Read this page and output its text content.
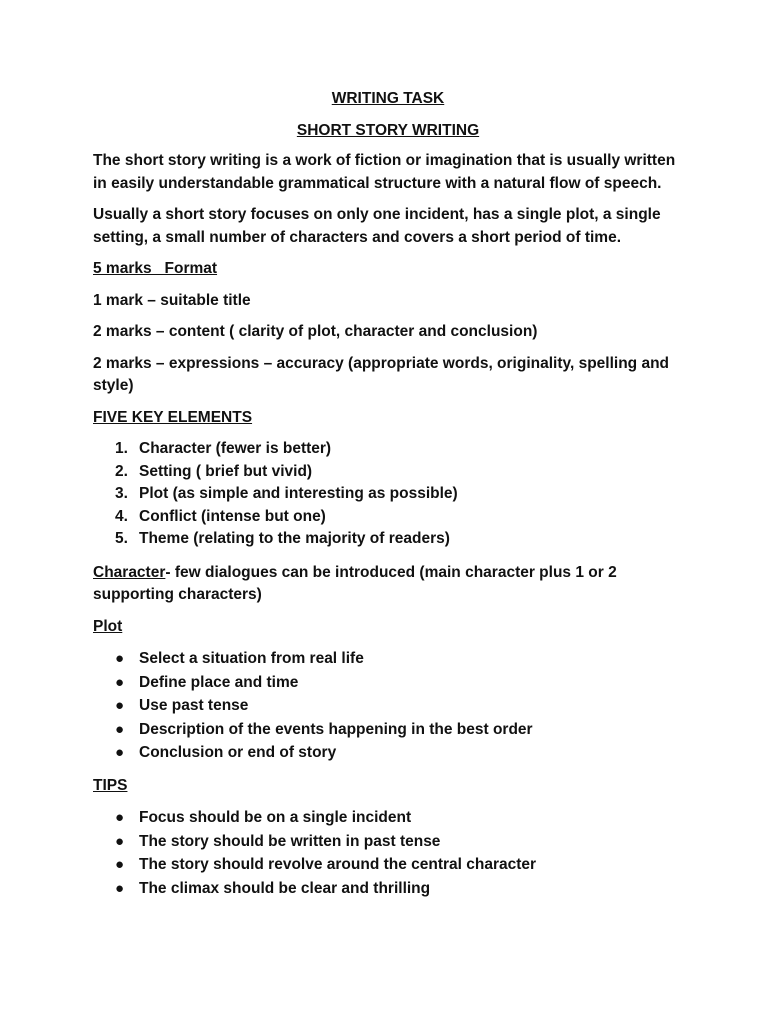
WRITING TASK

SHORT STORY WRITING

The short story writing is a work of fiction or imagination that is usually written in easily understandable grammatical structure with a natural flow of speech.

Usually a short story focuses on only one incident, has a single plot, a single setting, a small number of characters and covers a short period of time.

5 marks   Format

1 mark – suitable title

2 marks – content ( clarity of plot, character and conclusion)

2 marks – expressions – accuracy (appropriate words, originality, spelling and style)

FIVE KEY ELEMENTS

1. Character (fewer is better)
2. Setting ( brief but vivid)
3. Plot (as simple and interesting as possible)
4. Conflict (intense but one)
5. Theme (relating to the majority of readers)

Character- few dialogues can be introduced (main character plus 1 or 2 supporting characters)

Plot

● Select a situation from real life
● Define place and time
● Use past tense
● Description of the events happening in the best order
● Conclusion or end of story

TIPS

● Focus should be on a single incident
● The story should be written in past tense
● The story should revolve around the central character
● The climax should be clear and thrilling
